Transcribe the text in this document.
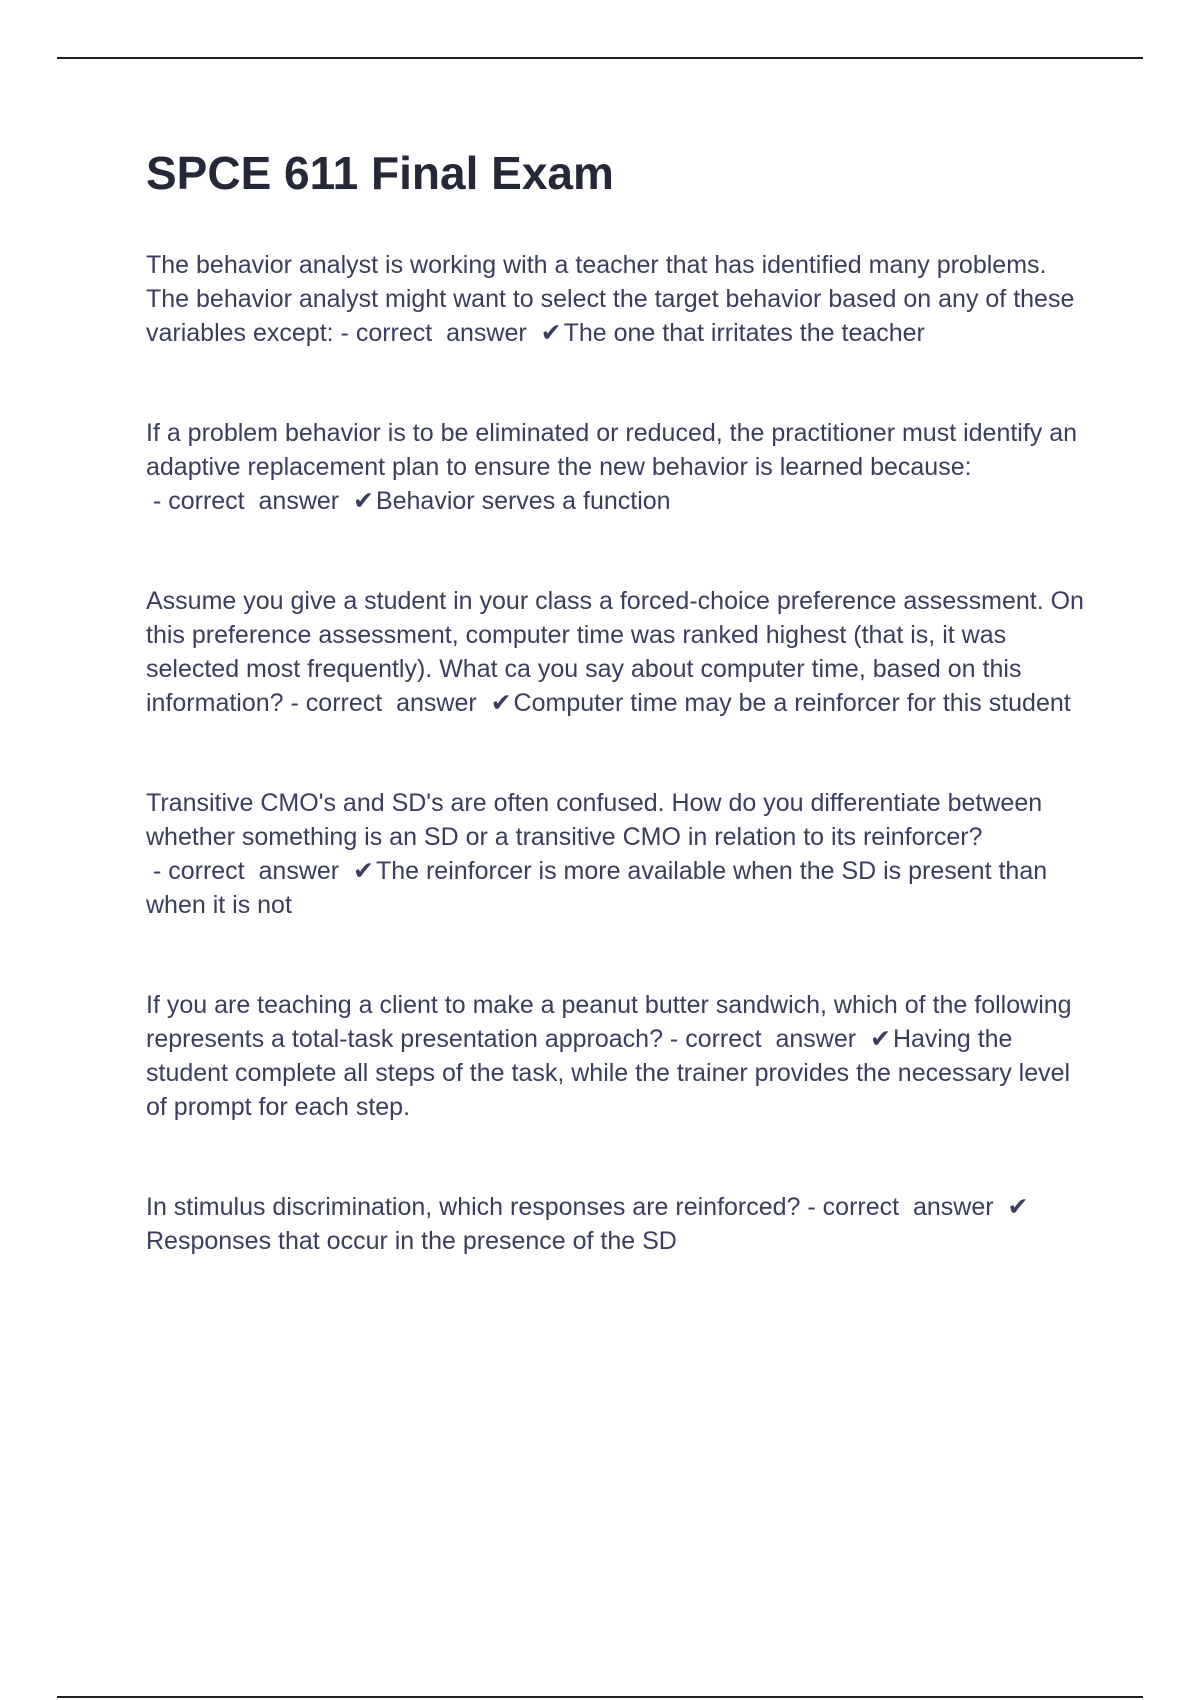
SPCE 611 Final Exam

The behavior analyst is working with a teacher that has identified many problems. The behavior analyst might want to select the target behavior based on any of these variables except: - correct  answer  ✔The one that irritates the teacher

If a problem behavior is to be eliminated or reduced, the practitioner must identify an adaptive replacement plan to ensure the new behavior is learned because: - correct  answer  ✔Behavior serves a function

Assume you give a student in your class a forced-choice preference assessment. On this preference assessment, computer time was ranked highest (that is, it was selected most frequently). What ca you say about computer time, based on this information? - correct  answer  ✔Computer time may be a reinforcer for this student

Transitive CMO's and SD's are often confused. How do you differentiate between whether something is an SD or a transitive CMO in relation to its reinforcer? - correct  answer  ✔The reinforcer is more available when the SD is present than when it is not

If you are teaching a client to make a peanut butter sandwich, which of the following represents a total-task presentation approach? - correct  answer  ✔Having the student complete all steps of the task, while the trainer provides the necessary level of prompt for each step.

In stimulus discrimination, which responses are reinforced? - correct  answer  ✔Responses that occur in the presence of the SD
